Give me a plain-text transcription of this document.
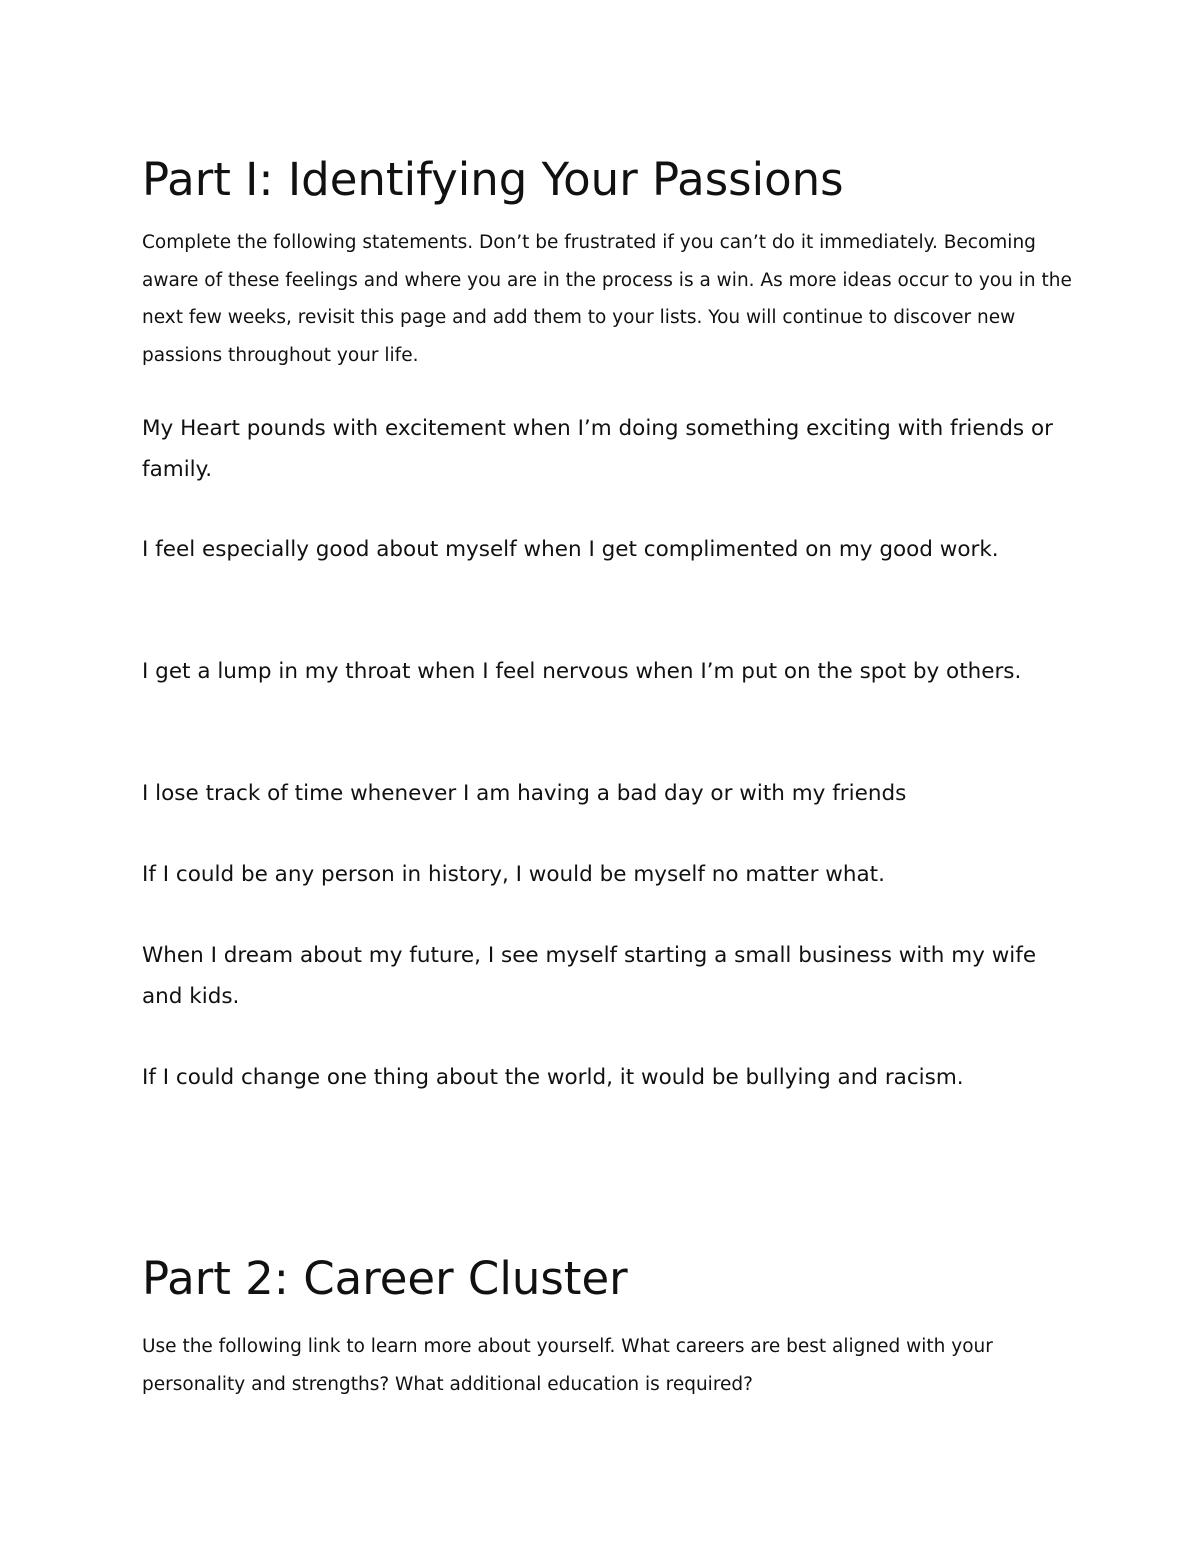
Part I: Identifying Your Passions

Complete the following statements. Don’t be frustrated if you can’t do it immediately. Becoming aware of these feelings and where you are in the process is a win. As more ideas occur to you in the next few weeks, revisit this page and add them to your lists. You will continue to discover new passions throughout your life.

My Heart pounds with excitement when I’m doing something exciting with friends or family.

I feel especially good about myself when I get complimented on my good work.

I get a lump in my throat when I feel nervous when I’m put on the spot by others.

I lose track of time whenever I am having a bad day or with my friends

If I could be any person in history, I would be myself no matter what.

When I dream about my future, I see myself starting a small business with my wife and kids.

If I could change one thing about the world, it would be bullying and racism.

Part 2: Career Cluster

Use the following link to learn more about yourself. What careers are best aligned with your personality and strengths? What additional education is required?
